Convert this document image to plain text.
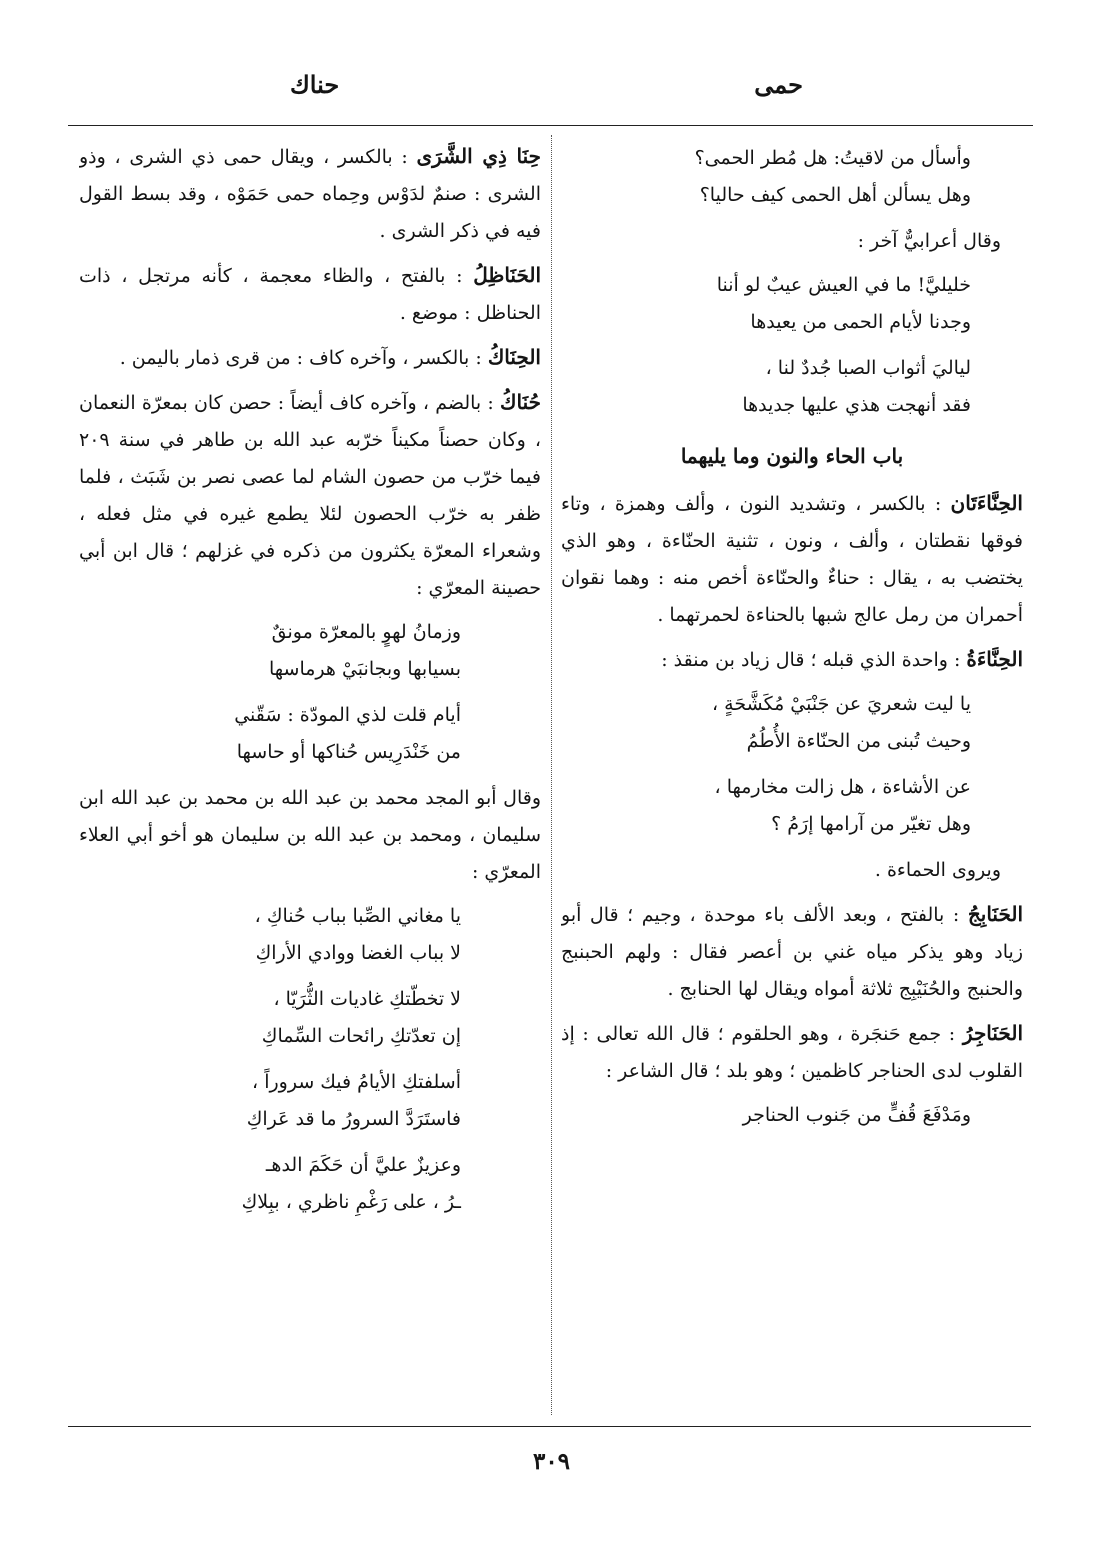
حمى
حناك
وأسأل من لاقيتُ: هل مُطر الحمى؟
وهل يسألن أهل الحمى كيف حاليا؟

وقال أعرابيٌّ آخر :

خليليَّ! ما في العيش عيبٌ لو أننا
وجدنا لأيام الحمى من يعيدها
لياليَ أثواب الصبا جُددٌ لنا ،
فقد أنهجت هذي عليها جديدها
باب الحاء والنون وما يليهما

الحِنَّاءَتَان : بالكسر ، وتشديد النون ، وألف وهمزة ، وتاء فوقها نقطتان ، وألف ، ونون ، تثنية الحنّاءة ، وهو الذي يختضب به ، يقال : حناءٌ والحنّاءة أخص منه : وهما نقوان أحمران من رمل عالج شبها بالحناءة لحمرتهما .

الحِنَّاءَةُ : واحدة الذي قبله ؛ قال زياد بن منقذ :

يا ليت شعريَ عن جَنْبَيْ مُكَشَّحَةٍ ،
وحيث تُبنى من الحنّاءة الأُطُمُ
عن الأشاءة ، هل زالت مخارمها ،
وهل تغيّر من آرامها إرَمُ ؟

ويروى الحماءة .

الحَنَابِجُ : بالفتح ، وبعد الألف باء موحدة ، وجيم ؛ قال أبو زياد وهو يذكر مياه غني بن أعصر فقال : ولهم الحبنبج والحنبج والحُنَيْبِج ثلاثة أمواه ويقال لها الحنابج .

الحَنَاجِرُ : جمع حَنجَرة ، وهو الحلقوم ؛ قال الله تعالى : إذ القلوب لدى الحناجر كاظمين ؛ وهو بلد ؛ قال الشاعر :

ومَدْفَعَ قُفٍّ من جَنوب الحناجر

حِنَا ذِي الشَّرَى : بالكسر ، ويقال حمى ذي الشرى ، وذو الشرى : صنمٌ لدَوْس وحِماه حمى حَمَوْه ، وقد بسط القول فيه في ذكر الشرى .

الحَنَاظِلُ : بالفتح ، والظاء معجمة ، كأنه مرتجل ، ذات الحناظل : موضع .

الحِنَاكُ : بالكسر ، وآخره كاف : من قرى ذمار باليمن .

حُنَاكُ : بالضم ، وآخره كاف أيضاً : حصن كان بمعرّة النعمان ، وكان حصناً مكيناً خرّبه عبد الله بن طاهر في سنة ٢٠٩ فيما خرّب من حصون الشام لما عصى نصر بن شَبَث ، فلما ظفر به خرّب الحصون لئلا يطمع غيره في مثل فعله ، وشعراء المعرّة يكثرون من ذكره في غزلهم ؛ قال ابن أبي حصينة المعرّي :

وزمانُ لهوٍ بالمعرّة مونقٌ
بسيابها وبجانبَيْ هرماسها
أيام قلت لذي المودّة : سَقّني
من خَنْدَرِيس حُناكها أو حاسها

وقال أبو المجد محمد بن عبد الله بن محمد بن عبد الله ابن سليمان ، ومحمد بن عبد الله بن سليمان هو أخو أبي العلاء المعرّي :

يا مغاني الصِّبا بباب حُناكِ ،
لا بباب الغضا ووادي الأراكِ
لا تخطّتكِ غاديات الثُّرَيّا ،
إن تعدّتكِ رائحات السِّماكِ
أسلفتكِ الأيامُ فيك سروراً ،
فاستَرَدَّ السرورُ ما قد عَراكِ
وعزيزٌ عليَّ أن حَكَمَ الدهـ
ـرُ ، على رَغْمِ ناظري ، ببِلاكِ
٣٠٩
